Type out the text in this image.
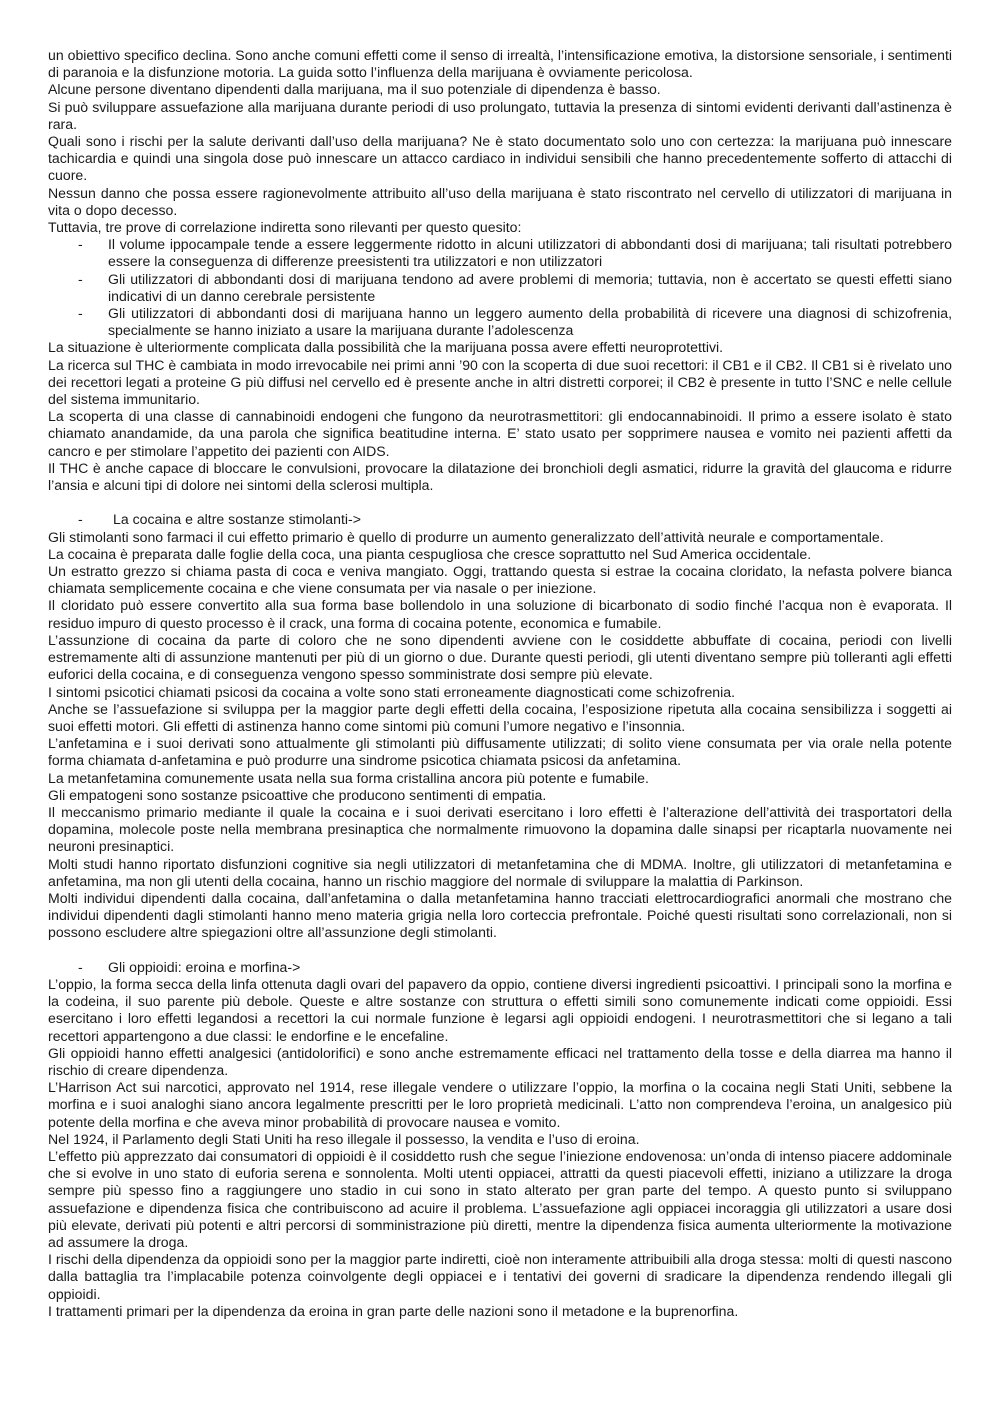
un obiettivo specifico declina. Sono anche comuni effetti come il senso di irrealtà, l’intensificazione emotiva, la distorsione sensoriale, i sentimenti di paranoia e la disfunzione motoria. La guida sotto l’influenza della marijuana è ovviamente pericolosa.

Alcune persone diventano dipendenti dalla marijuana, ma il suo potenziale di dipendenza è basso.

Si può sviluppare assuefazione alla marijuana durante periodi di uso prolungato, tuttavia la presenza di sintomi evidenti derivanti dall’astinenza è rara.

Quali sono i rischi per la salute derivanti dall’uso della marijuana? Ne è stato documentato solo uno con certezza: la marijuana può innescare tachicardia e quindi una singola dose può innescare un attacco cardiaco in individui sensibili che hanno precedentemente sofferto di attacchi di cuore.

Nessun danno che possa essere ragionevolmente attribuito all’uso della marijuana è stato riscontrato nel cervello di utilizzatori di marijuana in vita o dopo decesso.

Tuttavia, tre prove di correlazione indiretta sono rilevanti per questo quesito:

- Il volume ippocampale tende a essere leggermente ridotto in alcuni utilizzatori di abbondanti dosi di marijuana; tali risultati potrebbero essere la conseguenza di differenze preesistenti tra utilizzatori e non utilizzatori
- Gli utilizzatori di abbondanti dosi di marijuana tendono ad avere problemi di memoria; tuttavia, non è accertato se questi effetti siano indicativi di un danno cerebrale persistente
- Gli utilizzatori di abbondanti dosi di marijuana hanno un leggero aumento della probabilità di ricevere una diagnosi di schizofrenia, specialmente se hanno iniziato a usare la marijuana durante l’adolescenza

La situazione è ulteriormente complicata dalla possibilità che la marijuana possa avere effetti neuroprotettivi.

La ricerca sul THC è cambiata in modo irrevocabile nei primi anni ’90 con la scoperta di due suoi recettori: il CB1 e il CB2. Il CB1 si è rivelato uno dei recettori legati a proteine G più diffusi nel cervello ed è presente anche in altri distretti corporei; il CB2 è presente in tutto l’SNC e nelle cellule del sistema immunitario.

La scoperta di una classe di cannabinoidi endogeni che fungono da neurotrasmettitori: gli endocannabinoidi. Il primo a essere isolato è stato chiamato anandamide, da una parola che significa beatitudine interna. E’ stato usato per sopprimere nausea e vomito nei pazienti affetti da cancro e per stimolare l’appetito dei pazienti con AIDS.

Il THC è anche capace di bloccare le convulsioni, provocare la dilatazione dei bronchioli degli asmatici, ridurre la gravità del glaucoma e ridurre l’ansia e alcuni tipi di dolore nei sintomi della sclerosi multipla.

- La cocaina e altre sostanze stimolanti->

Gli stimolanti sono farmaci il cui effetto primario è quello di produrre un aumento generalizzato dell’attività neurale e comportamentale.

La cocaina è preparata dalle foglie della coca, una pianta cespugliosa che cresce soprattutto nel Sud America occidentale.

Un estratto grezzo si chiama pasta di coca e veniva mangiato. Oggi, trattando questa si estrae la cocaina cloridato, la nefasta polvere bianca chiamata semplicemente cocaina e che viene consumata per via nasale o per iniezione.

Il cloridato può essere convertito alla sua forma base bollendolo in una soluzione di bicarbonato di sodio finché l’acqua non è evaporata. Il residuo impuro di questo processo è il crack, una forma di cocaina potente, economica e fumabile.

L’assunzione di cocaina da parte di coloro che ne sono dipendenti avviene con le cosiddette abbuffate di cocaina, periodi con livelli estremamente alti di assunzione mantenuti per più di un giorno o due. Durante questi periodi, gli utenti diventano sempre più tolleranti agli effetti euforici della cocaina, e di conseguenza vengono spesso somministrate dosi sempre più elevate.

I sintomi psicotici chiamati psicosi da cocaina a volte sono stati erroneamente diagnosticati come schizofrenia.

Anche se l’assuefazione si sviluppa per la maggior parte degli effetti della cocaina, l’esposizione ripetuta alla cocaina sensibilizza i soggetti ai suoi effetti motori. Gli effetti di astinenza hanno come sintomi più comuni l’umore negativo e l’insonnia.

L’anfetamina e i suoi derivati sono attualmente gli stimolanti più diffusamente utilizzati; di solito viene consumata per via orale nella potente forma chiamata d-anfetamina e può produrre una sindrome psicotica chiamata psicosi da anfetamina.

La metanfetamina comunemente usata nella sua forma cristallina ancora più potente e fumabile.

Gli empatogeni sono sostanze psicoattive che producono sentimenti di empatia.

Il meccanismo primario mediante il quale la cocaina e i suoi derivati esercitano i loro effetti è l’alterazione dell’attività dei trasportatori della dopamina, molecole poste nella membrana presinaptica che normalmente rimuovono la dopamina dalle sinapsi per ricaptarla nuovamente nei neuroni presinaptici.

Molti studi hanno riportato disfunzioni cognitive sia negli utilizzatori di metanfetamina che di MDMA. Inoltre, gli utilizzatori di metanfetamina e anfetamina, ma non gli utenti della cocaina, hanno un rischio maggiore del normale di sviluppare la malattia di Parkinson.

Molti individui dipendenti dalla cocaina, dall’anfetamina o dalla metanfetamina hanno tracciati elettrocardiografici anormali che mostrano che individui dipendenti dagli stimolanti hanno meno materia grigia nella loro corteccia prefrontale. Poiché questi risultati sono correlazionali, non si possono escludere altre spiegazioni oltre all’assunzione degli stimolanti.

- Gli oppioidi: eroina e morfina->

L’oppio, la forma secca della linfa ottenuta dagli ovari del papavero da oppio, contiene diversi ingredienti psicoattivi. I principali sono la morfina e la codeina, il suo parente più debole. Queste e altre sostanze con struttura o effetti simili sono comunemente indicati come oppioidi. Essi esercitano i loro effetti legandosi a recettori la cui normale funzione è legarsi agli oppioidi endogeni. I neurotrasmettitori che si legano a tali recettori appartengono a due classi: le endorfine e le encefaline.

Gli oppioidi hanno effetti analgesici (antidolorifici) e sono anche estremamente efficaci nel trattamento della tosse e della diarrea ma hanno il rischio di creare dipendenza.

L’Harrison Act sui narcotici, approvato nel 1914, rese illegale vendere o utilizzare l’oppio, la morfina o la cocaina negli Stati Uniti, sebbene la morfina e i suoi analoghi siano ancora legalmente prescritti per le loro proprietà medicinali. L’atto non comprendeva l’eroina, un analgesico più potente della morfina e che aveva minor probabilità di provocare nausea e vomito.

Nel 1924, il Parlamento degli Stati Uniti ha reso illegale il possesso, la vendita e l’uso di eroina.

L’effetto più apprezzato dai consumatori di oppioidi è il cosiddetto rush che segue l’iniezione endovenosa: un’onda di intenso piacere addominale che si evolve in uno stato di euforia serena e sonnolenta. Molti utenti oppiacei, attratti da questi piacevoli effetti, iniziano a utilizzare la droga sempre più spesso fino a raggiungere uno stadio in cui sono in stato alterato per gran parte del tempo. A questo punto si sviluppano assuefazione e dipendenza fisica che contribuiscono ad acuire il problema. L’assuefazione agli oppiacei incoraggia gli utilizzatori a usare dosi più elevate, derivati più potenti e altri percorsi di somministrazione più diretti, mentre la dipendenza fisica aumenta ulteriormente la motivazione ad assumere la droga.

I rischi della dipendenza da oppioidi sono per la maggior parte indiretti, cioè non interamente attribuibili alla droga stessa: molti di questi nascono dalla battaglia tra l’implacabile potenza coinvolgente degli oppiacei e i tentativi dei governi di sradicare la dipendenza rendendo illegali gli oppioidi.

I trattamenti primari per la dipendenza da eroina in gran parte delle nazioni sono il metadone e la buprenorfina.
